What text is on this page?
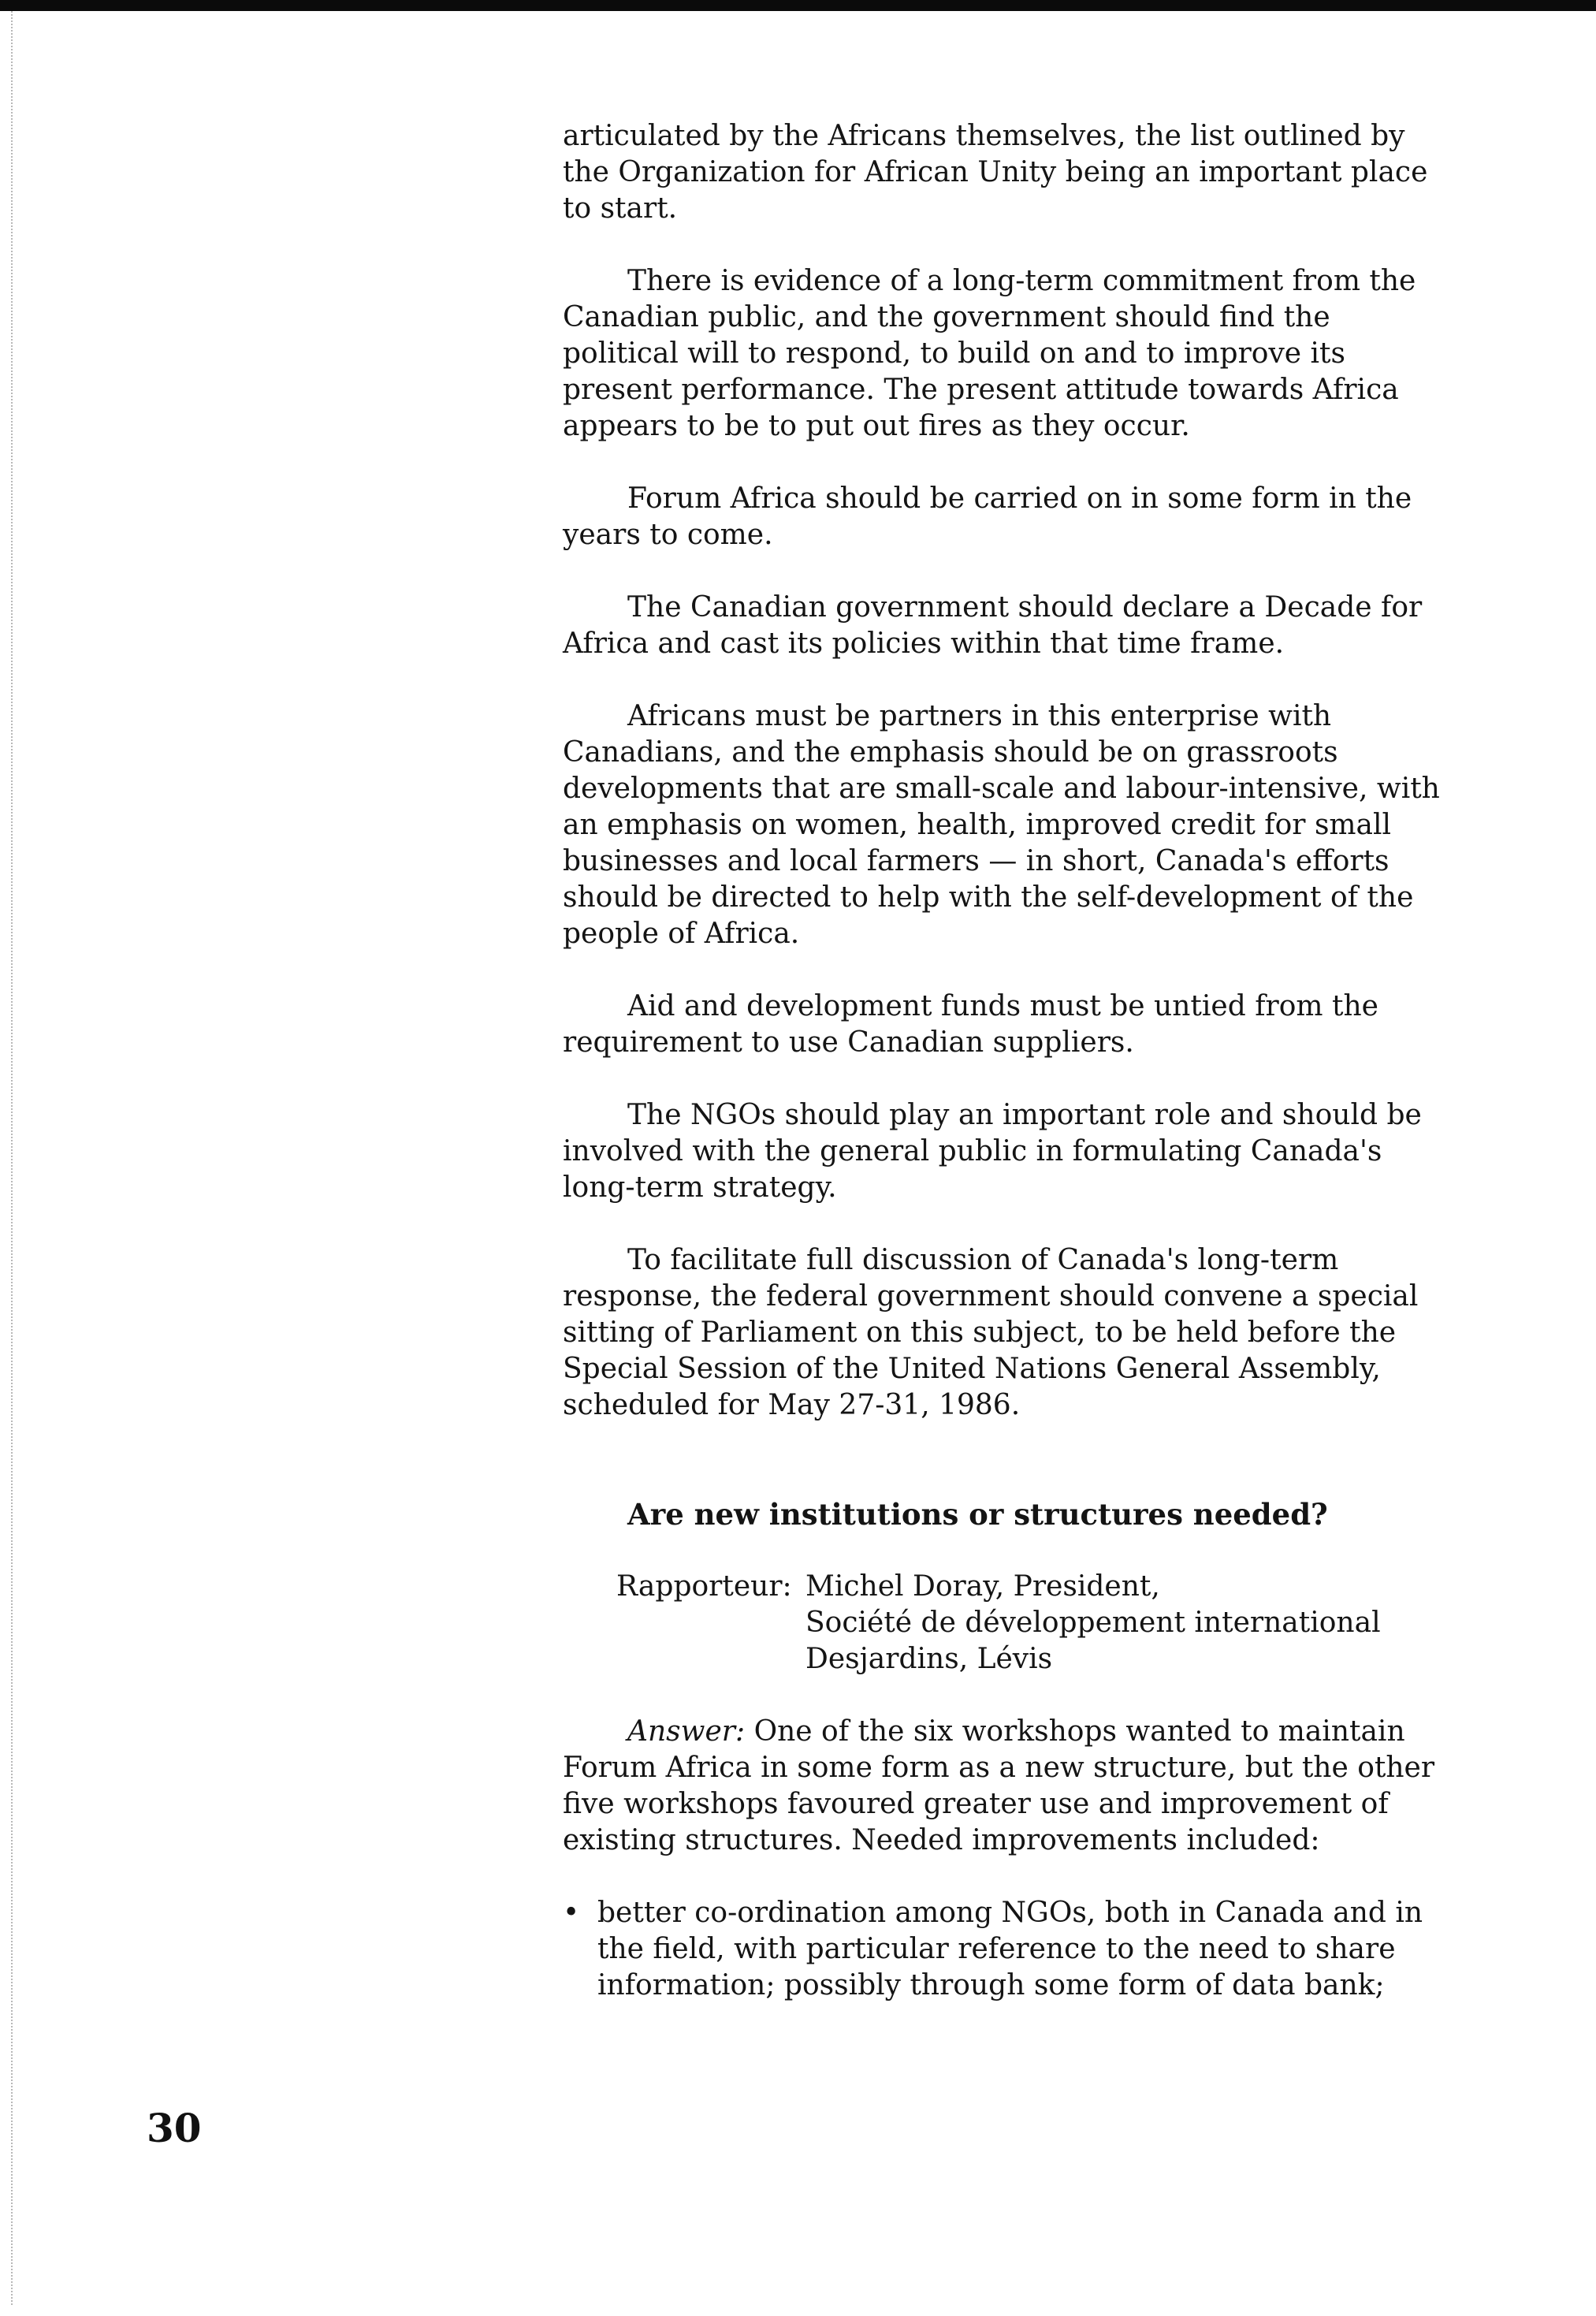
articulated by the Africans themselves, the list outlined by the Organization for African Unity being an important place to start.

There is evidence of a long-term commitment from the Canadian public, and the government should find the political will to respond, to build on and to improve its present performance. The present attitude towards Africa appears to be to put out fires as they occur.

Forum Africa should be carried on in some form in the years to come.

The Canadian government should declare a Decade for Africa and cast its policies within that time frame.

Africans must be partners in this enterprise with Canadians, and the emphasis should be on grassroots developments that are small-scale and labour-intensive, with an emphasis on women, health, improved credit for small businesses and local farmers — in short, Canada's efforts should be directed to help with the self-development of the people of Africa.

Aid and development funds must be untied from the requirement to use Canadian suppliers.

The NGOs should play an important role and should be involved with the general public in formulating Canada's long-term strategy.

To facilitate full discussion of Canada's long-term response, the federal government should convene a special sitting of Parliament on this subject, to be held before the Special Session of the United Nations General Assembly, scheduled for May 27-31, 1986.

Are new institutions or structures needed?

Rapporteur: Michel Doray, President,
Société de développement international
Desjardins, Lévis

Answer: One of the six workshops wanted to maintain Forum Africa in some form as a new structure, but the other five workshops favoured greater use and improvement of existing structures. Needed improvements included:

• better co-ordination among NGOs, both in Canada and in the field, with particular reference to the need to share information; possibly through some form of data bank;
30
